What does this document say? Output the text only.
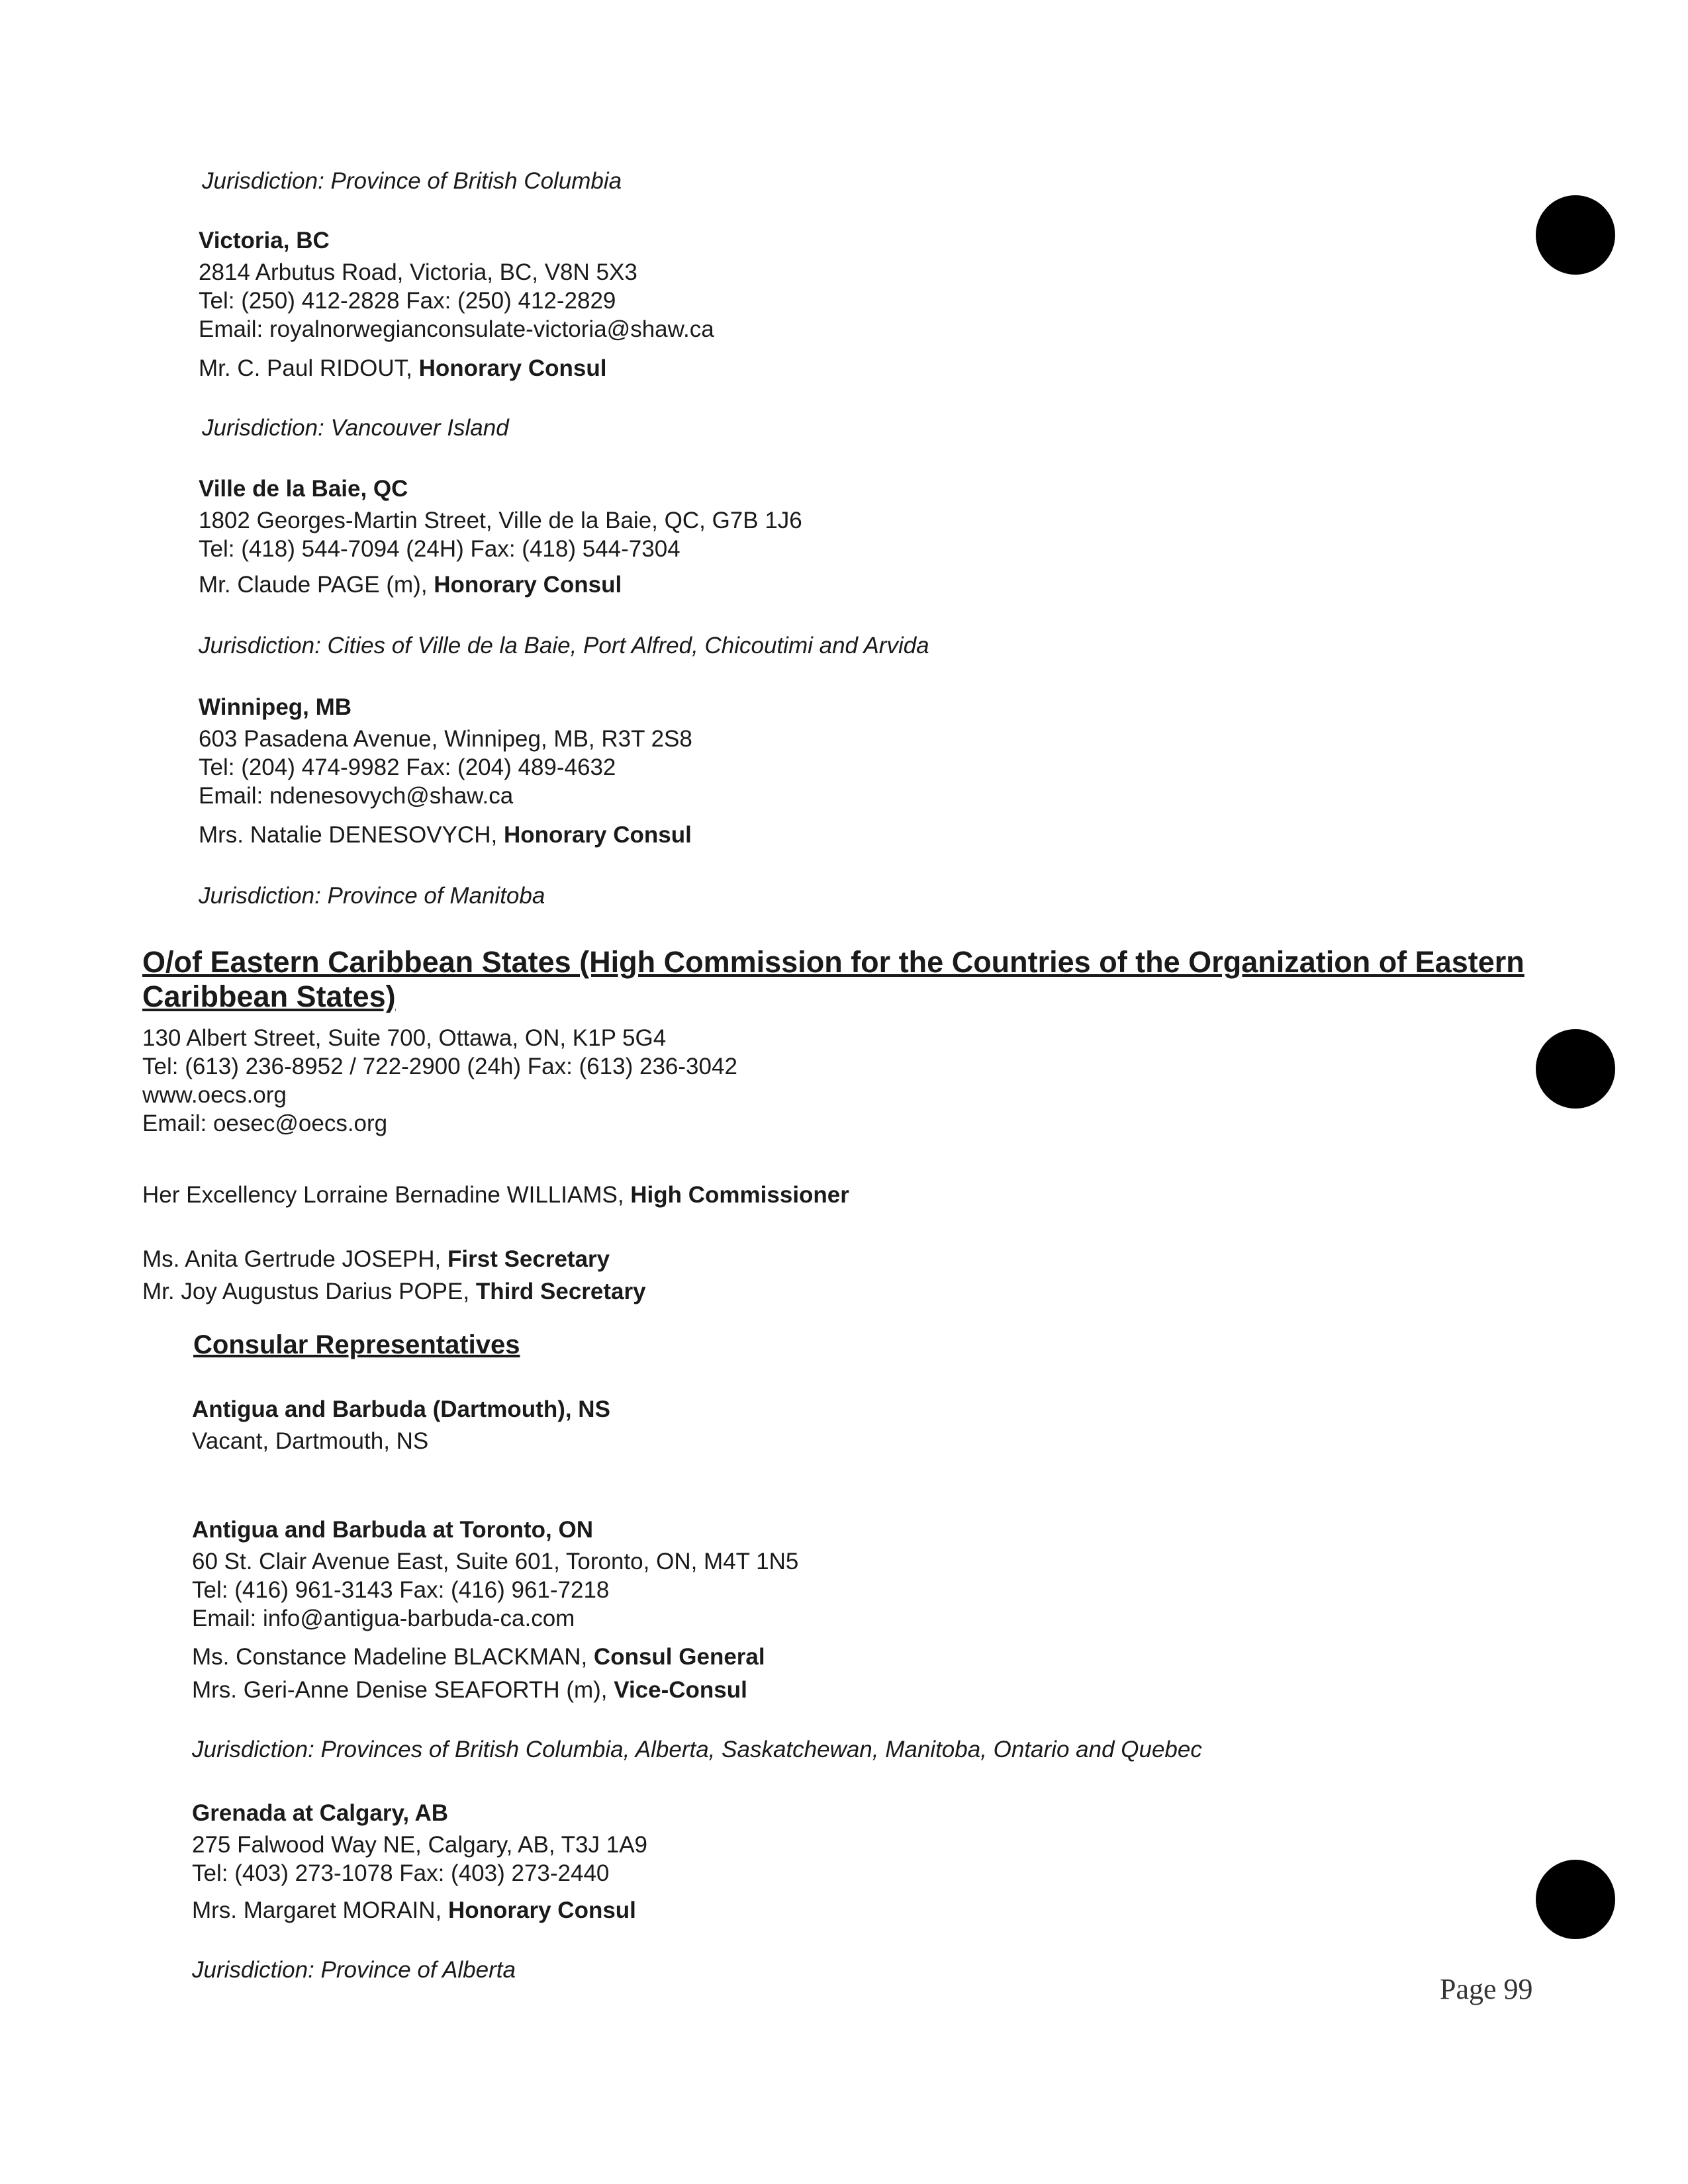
Jurisdiction: Province of British Columbia

Victoria, BC

2814 Arbutus Road, Victoria, BC, V8N 5X3

Tel: (250) 412-2828 Fax: (250) 412-2829

Email: royalnorwegianconsulate-victoria@shaw.ca

Mr. C. Paul RIDOUT, Honorary Consul

Jurisdiction: Vancouver Island

Ville de la Baie, QC

1802 Georges-Martin Street, Ville de la Baie, QC, G7B 1J6

Tel: (418) 544-7094 (24H) Fax: (418) 544-7304

Mr. Claude PAGE (m), Honorary Consul

Jurisdiction: Cities of Ville de la Baie, Port Alfred, Chicoutimi and Arvida

Winnipeg, MB

603 Pasadena Avenue, Winnipeg, MB, R3T 2S8

Tel: (204) 474-9982 Fax: (204) 489-4632

Email: ndenesovych@shaw.ca

Mrs. Natalie DENESOVYCH, Honorary Consul

Jurisdiction: Province of Manitoba

O/of Eastern Caribbean States (High Commission for the Countries of the Organization of Eastern Caribbean States)

130 Albert Street, Suite 700, Ottawa, ON, K1P 5G4

Tel: (613) 236-8952 / 722-2900 (24h) Fax: (613) 236-3042

www.oecs.org

Email: oesec@oecs.org

Her Excellency Lorraine Bernadine WILLIAMS, High Commissioner

Ms. Anita Gertrude JOSEPH, First Secretary

Mr. Joy Augustus Darius POPE, Third Secretary

Consular Representatives

Antigua and Barbuda (Dartmouth), NS

Vacant, Dartmouth, NS

Antigua and Barbuda at Toronto, ON

60 St. Clair Avenue East, Suite 601, Toronto, ON, M4T 1N5

Tel: (416) 961-3143 Fax: (416) 961-7218

Email: info@antigua-barbuda-ca.com

Ms. Constance Madeline BLACKMAN, Consul General

Mrs. Geri-Anne Denise SEAFORTH (m), Vice-Consul

Jurisdiction: Provinces of British Columbia, Alberta, Saskatchewan, Manitoba, Ontario and Quebec

Grenada at Calgary, AB

275 Falwood Way NE, Calgary, AB, T3J 1A9

Tel: (403) 273-1078 Fax: (403) 273-2440

Mrs. Margaret MORAIN, Honorary Consul

Jurisdiction: Province of Alberta

Page 99
